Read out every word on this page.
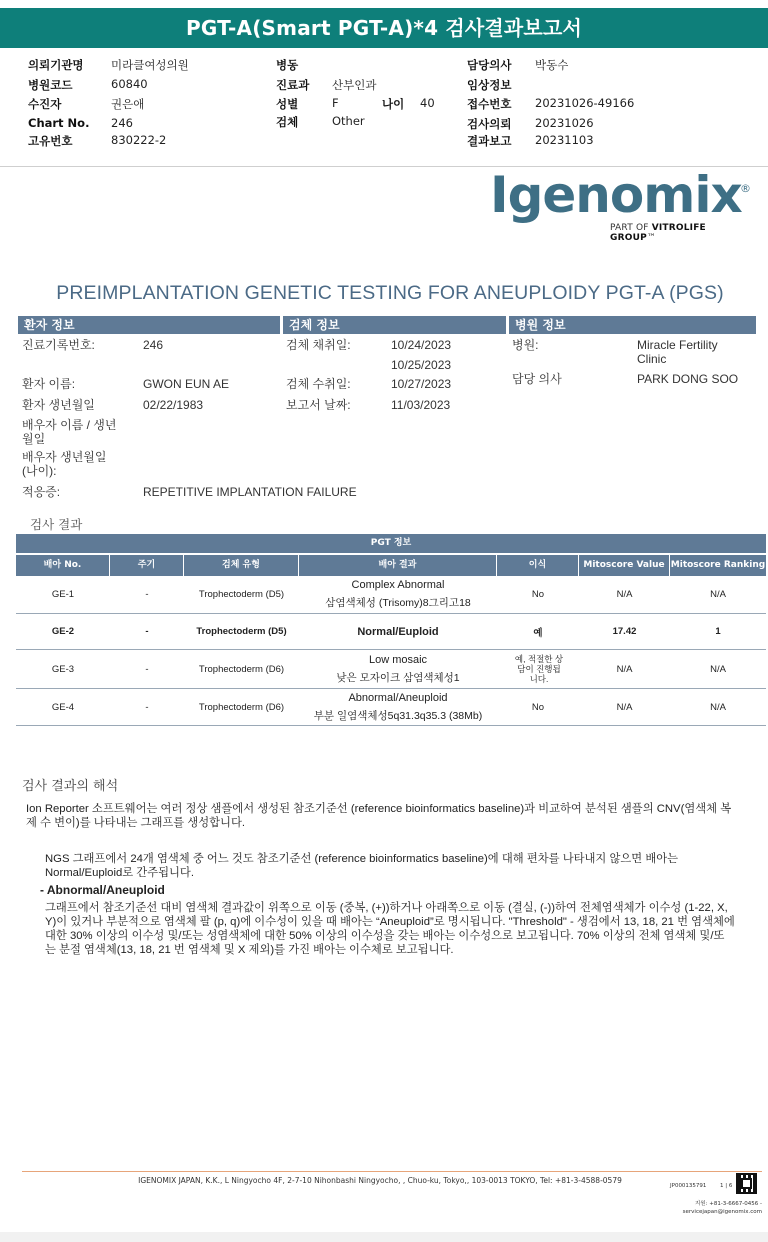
PGT-A(Smart PGT-A)*4 검사결과보고서
의뢰기관명 미라클여성의원
병원코드	60840
수진자	권은애
Chart No. 246
고유번호	830222-2
병동
진료과 산부인과
성별	F	나이 40
검체	Other
담당의사 박동수
임상정보
접수번호 20231026-49166
검사의뢰 20231026
결과보고 20231103
Igenomix
®
PART OF VITROLIFE GROUP™
PREIMPLANTATION GENETIC TESTING FOR ANEUPLOIDY PGT-A (PGS)
환자 정보	검체 정보	병원 정보
진료기록번호:	246
환자 이름:	GWON EUN AE
환자 생년월일	02/22/1983
배우자 이름 / 생년월일
배우자 생년월일 (나이):
적응증:	REPETITIVE IMPLANTATION FAILURE
검체 채취일:	10/24/2023
10/25/2023
검체 수취일:	10/27/2023
보고서 날짜:	11/03/2023
병원:	Miracle Fertility Clinic
담당 의사	PARK DONG SOO
검사 결과
PGT 정보
배아 No.	주기	검체 유형	배아 결과	이식	Mitoscore Value Mitoscore Ranking
GE-1	-	Trophectoderm (D5)
Complex Abnormal
삼염색체성 (Trisomy)8그리고18
No	N/A	N/A
GE-2	-	Trophectoderm (D5)	Normal/Euploid	예	17.42	1
GE-3	-	Trophectoderm (D6)
Low mosaic
낮은 모자이크 삼염색체성1
예, 적절한 상담이 진행됩니다.
N/A	N/A
GE-4	-	Trophectoderm (D6)
Abnormal/Aneuploid
부분 일염색체성5q31.3q35.3 (38Mb)
No	N/A	N/A
검사 결과의 해석
Ion Reporter 소프트웨어는 여러 정상 샘플에서 생성된 참조기준선 (reference bioinformatics baseline)과 비교하여 분석된 샘플의 CNV(염색체 복제 수 변이)를 나타내는 그래프를 생성합니다.
NGS 그래프에서 24개 염색체 중 어느 것도 참조기준선 (reference bioinformatics baseline)에 대해 편차를 나타내지 않으면 배아는 Normal/Euploid로 간주됩니다.
- Abnormal/Aneuploid
그래프에서 참조기준선 대비 염색체 결과값이 위쪽으로 이동 (중복, (+))하거나 아래쪽으로 이동 (결실, (-))하여 전체염색체가 이수성 (1-22, X, Y)이 있거나 부분적으로 염색체 팔 (p, q)에 이수성이 있을 때 배아는 “Aneuploid”로 명시됩니다. "Threshold" - 생검에서 13, 18, 21 번 염색체에 대한 30% 이상의 이수성 및/또는 성염색체에 대한 50% 이상의 이수성을 갖는 배아는 이수성으로 보고됩니다. 70% 이상의 전체 염색체 및/또는 분절 염색체(13, 18, 21 번 염색체 및 X 제외)를 가진 배아는 이수체로 보고됩니다.
IGENOMIX JAPAN, K.K., L Ningyocho 4F, 2-7-10 Nihonbashi Ningyocho, , Chuo-ku, Tokyo,, 103-0013 TOKYO, Tel: +81-3-4588-0579
JP000135791 1 | 6
지원: +81-3-6667-0456 - servicejapan@igenomix.com
